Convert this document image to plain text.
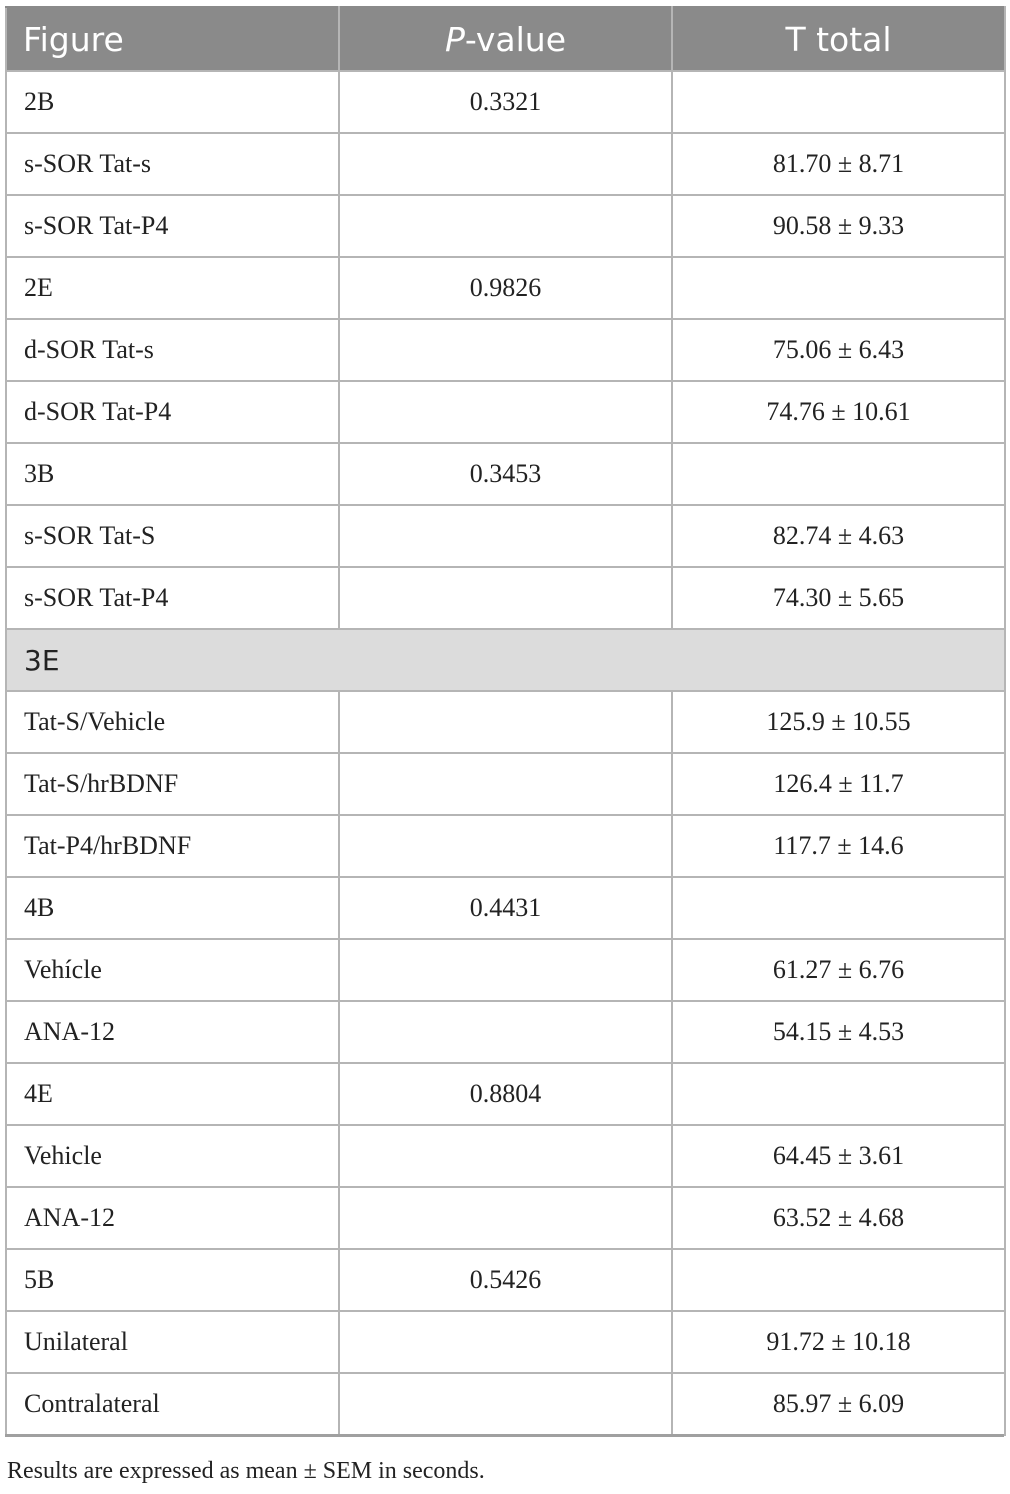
Figure	P-value	T total
2B	0.3321	
s-SOR Tat-s		81.70 ± 8.71
s-SOR Tat-P4		90.58 ± 9.33
2E	0.9826	
d-SOR Tat-s		75.06 ± 6.43
d-SOR Tat-P4		74.76 ± 10.61
3B	0.3453	
s-SOR Tat-S		82.74 ± 4.63
s-SOR Tat-P4		74.30 ± 5.65
3E		
Tat-S/Vehicle		125.9 ± 10.55
Tat-S/hrBDNF		126.4 ± 11.7
Tat-P4/hrBDNF		117.7 ± 14.6
4B	0.4431	
Vehícle		61.27 ± 6.76
ANA-12		54.15 ± 4.53
4E	0.8804	
Vehicle		64.45 ± 3.61
ANA-12		63.52 ± 4.68
5B	0.5426	
Unilateral		91.72 ± 10.18
Contralateral		85.97 ± 6.09

Results are expressed as mean ± SEM in seconds.
